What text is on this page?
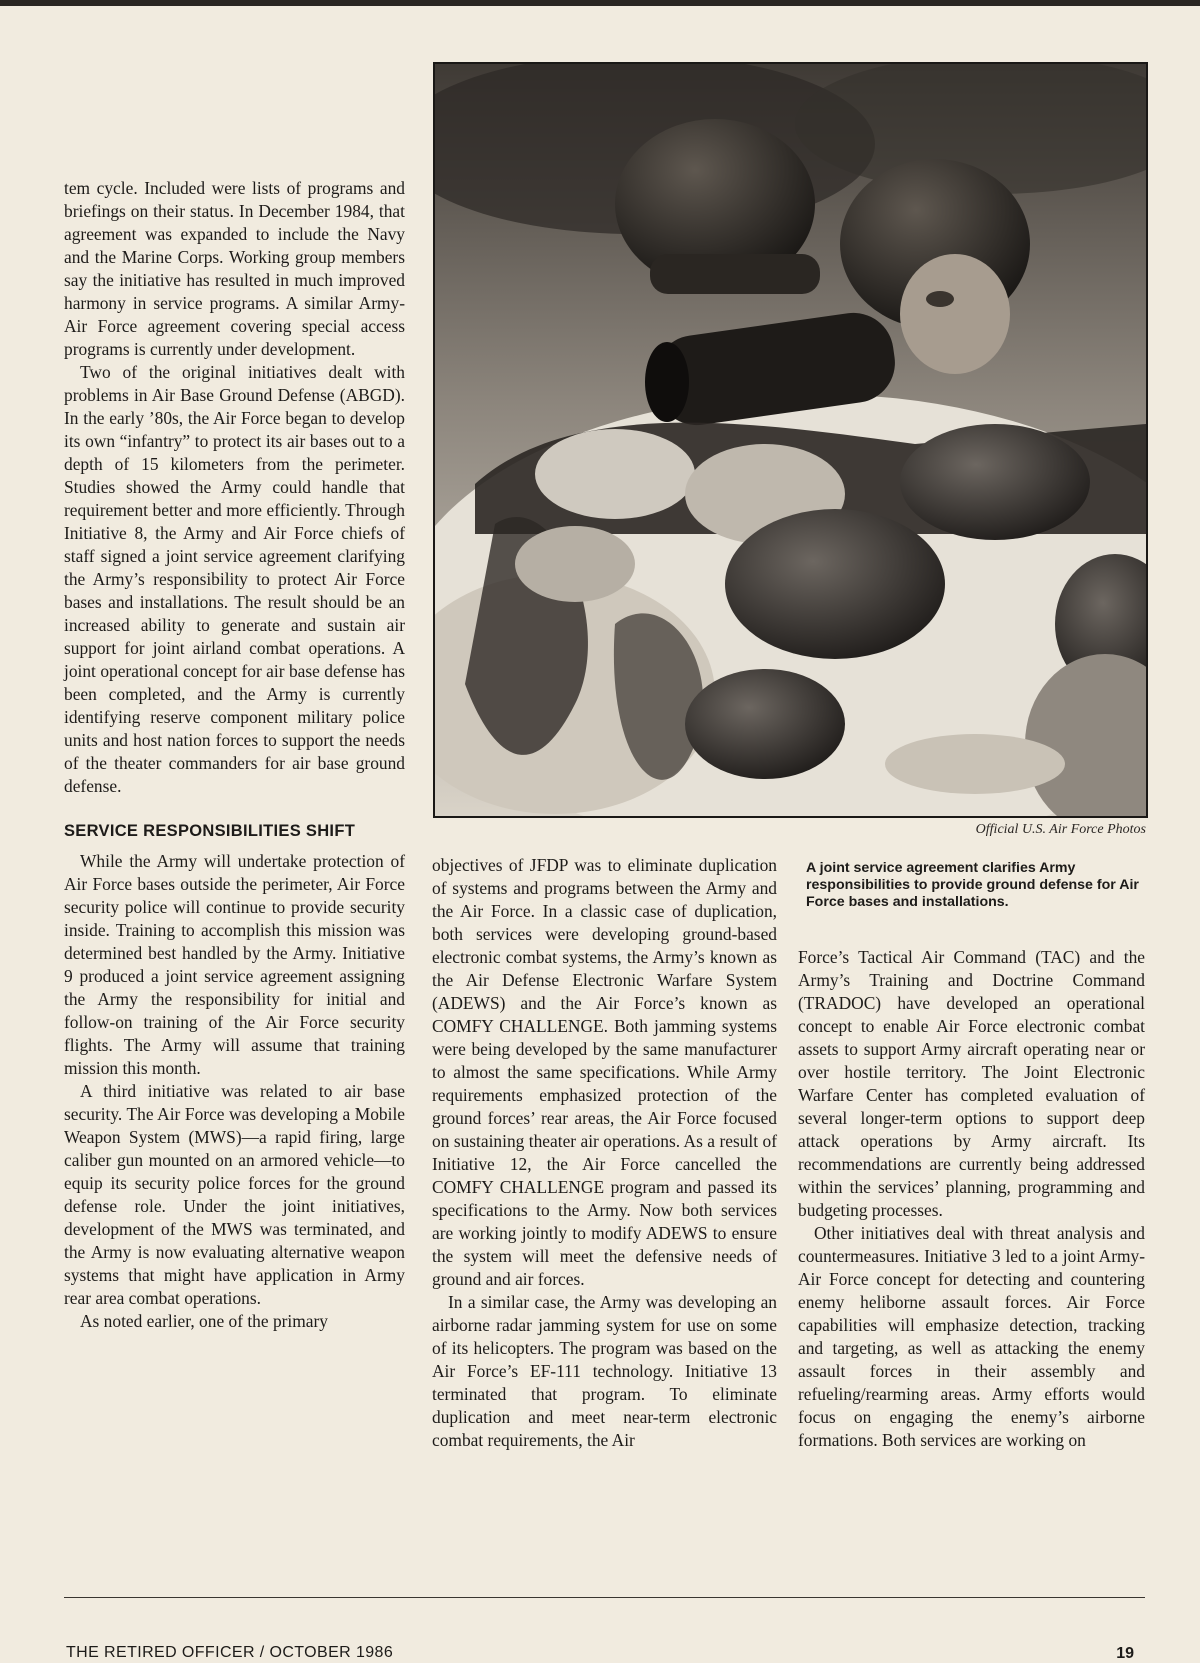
tem cycle. Included were lists of programs and briefings on their status. In December 1984, that agreement was expanded to include the Navy and the Marine Corps. Working group members say the initiative has resulted in much improved harmony in service programs. A similar Army-Air Force agreement covering special access programs is currently under development.

Two of the original initiatives dealt with problems in Air Base Ground Defense (ABGD). In the early ’80s, the Air Force began to develop its own “infantry” to protect its air bases out to a depth of 15 kilometers from the perimeter. Studies showed the Army could handle that requirement better and more efficiently. Through Initiative 8, the Army and Air Force chiefs of staff signed a joint service agreement clarifying the Army’s responsibility to protect Air Force bases and installations. The result should be an increased ability to generate and sustain air support for joint airland combat operations. A joint operational concept for air base defense has been completed, and the Army is currently identifying reserve component military police units and host nation forces to support the needs of the theater commanders for air base ground defense.

SERVICE RESPONSIBILITIES SHIFT

While the Army will undertake protection of Air Force bases outside the perimeter, Air Force security police will continue to provide security inside. Training to accomplish this mission was determined best handled by the Army. Initiative 9 produced a joint service agreement assigning the Army the responsibility for initial and follow-on training of the Air Force security flights. The Army will assume that training mission this month.

A third initiative was related to air base security. The Air Force was developing a Mobile Weapon System (MWS)—a rapid firing, large caliber gun mounted on an armored vehicle—to equip its security police forces for the ground defense role. Under the joint initiatives, development of the MWS was terminated, and the Army is now evaluating alternative weapon systems that might have application in Army rear area combat operations.

As noted earlier, one of the primary

Official U.S. Air Force Photos
A joint service agreement clarifies Army responsibilities to provide ground defense for Air Force bases and installations.

objectives of JFDP was to eliminate duplication of systems and programs between the Army and the Air Force. In a classic case of duplication, both services were developing ground-based electronic combat systems, the Army’s known as the Air Defense Electronic Warfare System (ADEWS) and the Air Force’s known as COMFY CHALLENGE. Both jamming systems were being developed by the same manufacturer to almost the same specifications. While Army requirements emphasized protection of the ground forces’ rear areas, the Air Force focused on sustaining theater air operations. As a result of Initiative 12, the Air Force cancelled the COMFY CHALLENGE program and passed its specifications to the Army. Now both services are working jointly to modify ADEWS to ensure the system will meet the defensive needs of ground and air forces.

In a similar case, the Army was developing an airborne radar jamming system for use on some of its helicopters. The program was based on the Air Force’s EF-111 technology. Initiative 13 terminated that program. To eliminate duplication and meet near-term electronic combat requirements, the Air

Force’s Tactical Air Command (TAC) and the Army’s Training and Doctrine Command (TRADOC) have developed an operational concept to enable Air Force electronic combat assets to support Army aircraft operating near or over hostile territory. The Joint Electronic Warfare Center has completed evaluation of several longer-term options to support deep attack operations by Army aircraft. Its recommendations are currently being addressed within the services’ planning, programming and budgeting processes.

Other initiatives deal with threat analysis and countermeasures. Initiative 3 led to a joint Army-Air Force concept for detecting and countering enemy heliborne assault forces. Air Force capabilities will emphasize detection, tracking and targeting, as well as attacking the enemy assault forces in their assembly and refueling/rearming areas. Army efforts would focus on engaging the enemy’s airborne formations. Both services are working on

THE RETIRED OFFICER / OCTOBER 1986	19
